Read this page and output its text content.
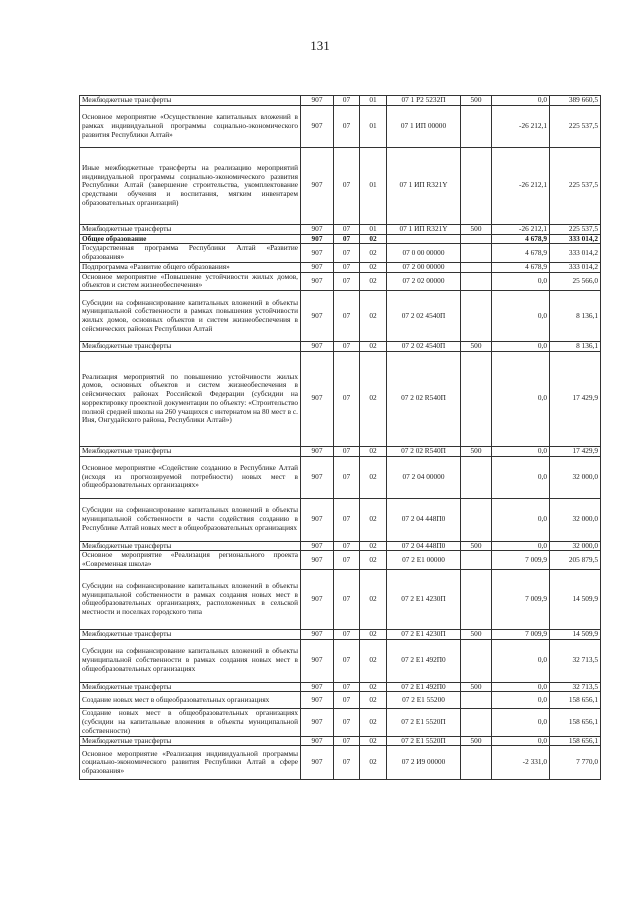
131
Межбюджетные трансферты	907	07	01	07 1 Р2 5232П	500	0,0	389 660,5
Основное мероприятие «Осуществление капитальных вложений в рамках индивидуальной программы социально-экономического развития Республики Алтай»	907	07	01	07 1 ИП 00000		-26 212,1	225 537,5
Иные межбюджетные трансферты на реализацию мероприятий индивидуальной программы социально-экономического развития Республики Алтай (завершение строительства, укомплектование средствами обучения и воспитания, мягким инвентарем образовательных организаций)	907	07	01	07 1 ИП R321Y		-26 212,1	225 537,5
Межбюджетные трансферты	907	07	01	07 1 ИП R321Y	500	-26 212,1	225 537,5
Общее образование	907	07	02			4 678,9	333 014,2
Государственная программа Республики Алтай «Развитие образования»	907	07	02	07 0 00 00000		4 678,9	333 014,2
Подпрограмма «Развитие общего образования»	907	07	02	07 2 00 00000		4 678,9	333 014,2
Основное мероприятие «Повышение устойчивости жилых домов, объектов и систем жизнеобеспечения»	907	07	02	07 2 02 00000		0,0	25 566,0
Субсидии на софинансирование капитальных вложений в объекты муниципальной собственности в рамках повышения устойчивости жилых домов, основных объектов и систем жизнеобеспечения в сейсмических районах Республики Алтай	907	07	02	07 2 02 4540П		0,0	8 136,1
Межбюджетные трансферты	907	07	02	07 2 02 4540П	500	0,0	8 136,1
Реализация мероприятий по повышению устойчивости жилых домов, основных объектов и систем жизнеобеспечения в сейсмических районах Российской Федерации (субсидии на корректировку проектной документации по объекту: «Строительство полной средней школы на 260 учащихся с интернатом на 80 мест в с. Иня, Онгудайского района, Республики Алтай»)	907	07	02	07 2 02 R540П		0,0	17 429,9
Межбюджетные трансферты	907	07	02	07 2 02 R540П	500	0,0	17 429,9
Основное мероприятие «Содействие созданию в Республике Алтай (исходя из прогнозируемой потребности) новых мест в общеобразовательных организациях»	907	07	02	07 2 04 00000		0,0	32 000,0
Субсидии на софинансирование капитальных вложений в объекты муниципальной собственности в части содействия созданию в Республике Алтай новых мест в общеобразовательных организациях	907	07	02	07 2 04 448П0		0,0	32 000,0
Межбюджетные трансферты	907	07	02	07 2 04 448П0	500	0,0	32 000,0
Основное мероприятие «Реализация регионального проекта «Современная школа»	907	07	02	07 2 E1 00000		7 009,9	205 879,5
Субсидии на софинансирование капитальных вложений в объекты муниципальной собственности в рамках создания новых мест в общеобразовательных организациях, расположенных в сельской местности и поселках городского типа	907	07	02	07 2 E1 4230П		7 009,9	14 509,9
Межбюджетные трансферты	907	07	02	07 2 E1 4230П	500	7 009,9	14 509,9
Субсидии на софинансирование капитальных вложений в объекты муниципальной собственности в рамках создания новых мест в общеобразовательных организациях	907	07	02	07 2 E1 492П0		0,0	32 713,5
Межбюджетные трансферты	907	07	02	07 2 E1 492П0	500	0,0	32 713,5
Создание новых мест в общеобразовательных организациях	907	07	02	07 2 E1 55200		0,0	158 656,1
Создание новых мест в общеобразовательных организациях (субсидии на капитальные вложения в объекты муниципальной собственности)	907	07	02	07 2 E1 5520П		0,0	158 656,1
Межбюджетные трансферты	907	07	02	07 2 E1 5520П	500	0,0	158 656,1
Основное мероприятие «Реализация индивидуальной программы социально-экономического развития Республики Алтай в сфере образования»	907	07	02	07 2 И9 00000		-2 331,0	7 770,0
